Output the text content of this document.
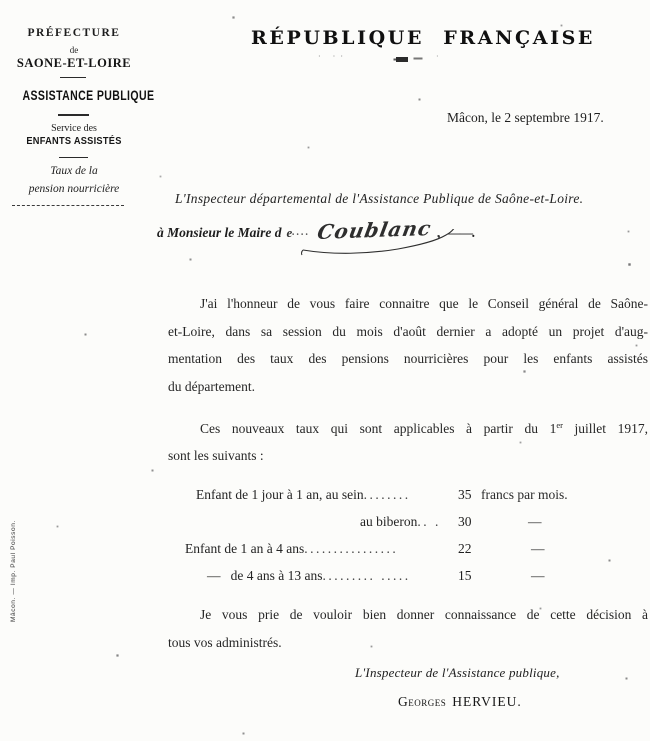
PRÉFECTURE
de
SAONE-ET-LOIRE
ASSISTANCE PUBLIQUE
Service des
ENFANTS ASSISTÉS
Taux de la
pension nourricière
Mâcon. — Imp. Paul Poisson.
RÉPUBLIQUE FRANÇAISE
· ··	·
Mâcon, le 2 septembre 1917.
L'Inspecteur départemental de l'Assistance Publique de Saône-et-Loire.
à Monsieur le Maire d e.... Coublanc , ——.
J'ai l'honneur de vous faire connaitre que le Conseil général de Saône-
et-Loire, dans sa session du mois d'août dernier a adopté un projet d'aug-
mentation des taux des pensions nourricières pour les enfants assistés
du département.
Ces nouveaux taux qui sont applicables à partir du 1er juillet 1917,
sont les suivants :
Enfant de 1 jour à 1 an, au sein........	35 francs par mois.
au biberon.. . 30	—
Enfant de 1 an à 4 ans................	22	—
—   de 4 ans à 13 ans......... .....	15	—
Je vous prie de vouloir bien donner connaissance de cette décision à
tous vos administrés.
L'Inspecteur de l'Assistance publique,
Georges HERVIEU.
